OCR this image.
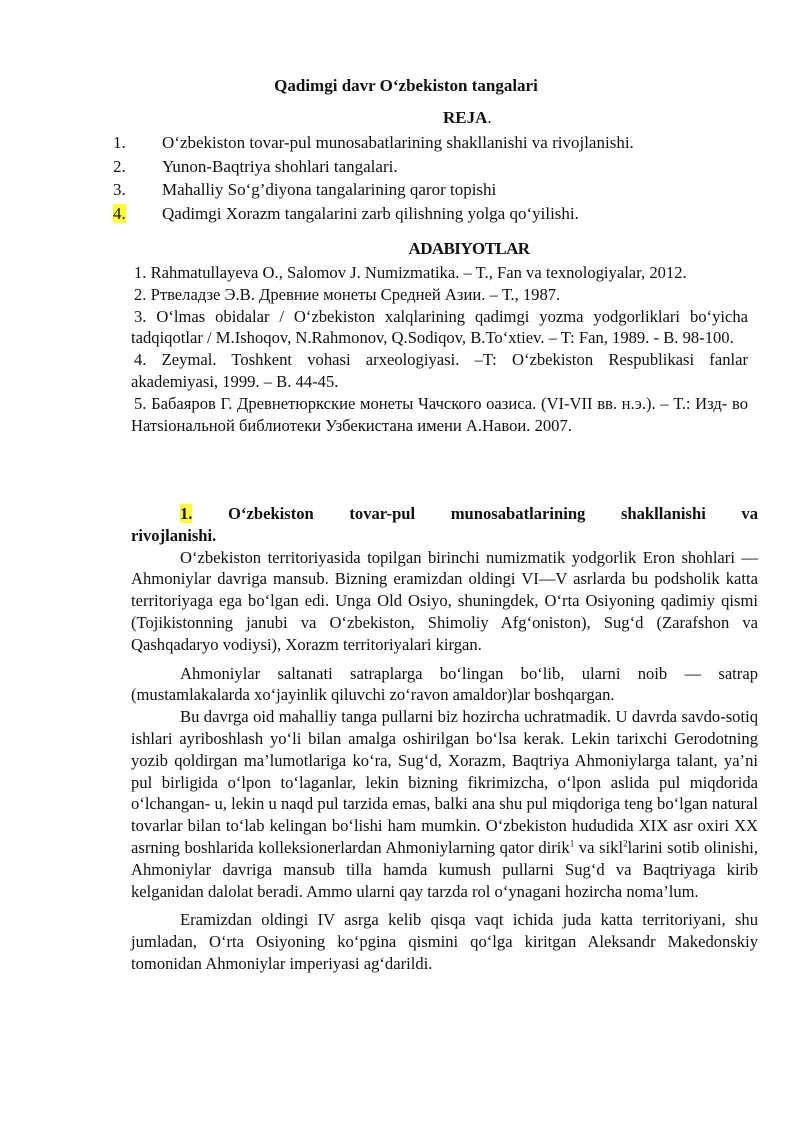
Qadimgi davr O‘zbekiston tangalari
REJA.
1.	O‘zbekiston tovar-pul munosabatlarining shakllanishi va rivojlanishi.
2.	Yunon-Baqtriya shohlari tangalari.
3.	Mahalliy So‘g’diyona tangalarining qaror topishi
4.	Qadimgi Xorazm tangalarini zarb qilishning yolga qo‘yilishi.
ADABIYOTLAR
1. Rahmatullayeva O., Salomov J. Numizmatika. – T., Fan va texnologiyalar, 2012.
2. Ртвеладзе Э.В. Древние монеты Средней Азии. – Т., 1987.
3. O‘lmas obidalar / O‘zbekiston xalqlarining qadimgi yozma yodgorliklari bo‘yicha tadqiqotlar / M.Ishoqov, N.Rahmonov, Q.Sodiqov, B.To‘xtiev. – T: Fan, 1989. - B. 98-100.
4. Zeymal. Toshkent vohasi arxeologiyasi. –T: O‘zbekiston Respublikasi fanlar akademiyasi, 1999. – B. 44-45.
5. Бабаяров Г. Древнетюркские монеты Чачского оазиса. (VI-VII вв. н.э.). – Т.: Изд- во Натsіональной библиотеки Узбекистана имени А.Навои. 2007.
1. O‘zbekiston tovar-pul munosabatlarining shakllanishi va
rivojlanishi.

O‘zbekiston territoriyasida topilgan birinchi numizmatik yodgorlik Eron shohlari — Ahmoniylar davriga mansub. Bizning eramizdan oldingi VI—V asrlarda bu podsholik katta territoriyaga ega bo‘lgan edi. Unga Old Osiyo, shuningdek, O‘rta Osiyoning qadimiy qismi (Tojikistonning janubi va O‘zbekiston, Shimoliy Afg‘oniston), Sug‘d (Zarafshon va Qashqadaryo vodiysi), Xorazm territoriyalari kirgan.

Ahmoniylar saltanati satraplarga bo‘lingan bo‘lib, ularni noib — satrap (mustamlakalarda xo‘jayinlik qiluvchi zo‘ravon amaldor)lar boshqargan.

Bu davrga oid mahalliy tanga pullarni biz hozircha uchratmadik. U davrda savdo-sotiq ishlari ayriboshlash yo‘li bilan amalga oshirilgan bo‘lsa kerak. Lekin tarixchi Gerodotning yozib qoldirgan ma’lumotlariga ko‘ra, Sug‘d, Xorazm, Baqtriya Ahmoniylarga talant, ya’ni pul birligida o‘lpon to‘laganlar, lekin bizning fikrimizcha, o‘lpon aslida pul miqdorida o‘lchangan- u, lekin u naqd pul tarzida emas, balki ana shu pul miqdoriga teng bo‘lgan natural tovarlar bilan to‘lab kelingan bo‘lishi ham mumkin. O‘zbekiston hududida XIX asr oxiri XX asrning boshlarida kolleksionerlardan Ahmoniylarning qator dirik$^1$ va sikl$^2$larini sotib olinishi, Ahmoniylar davriga mansub tilla hamda kumush pullarni Sug‘d va Baqtriyaga kirib kelganidan dalolat beradi. Ammo ularni qay tarzda rol o‘ynagani hozircha noma’lum.

Eramizdan oldingi IV asrga kelib qisqa vaqt ichida juda katta territoriyani, shu jumladan, O‘rta Osiyoning ko‘pgina qismini qo‘lga kiritgan Aleksandr Makedonskiy tomonidan Ahmoniylar imperiyasi ag‘darildi.
